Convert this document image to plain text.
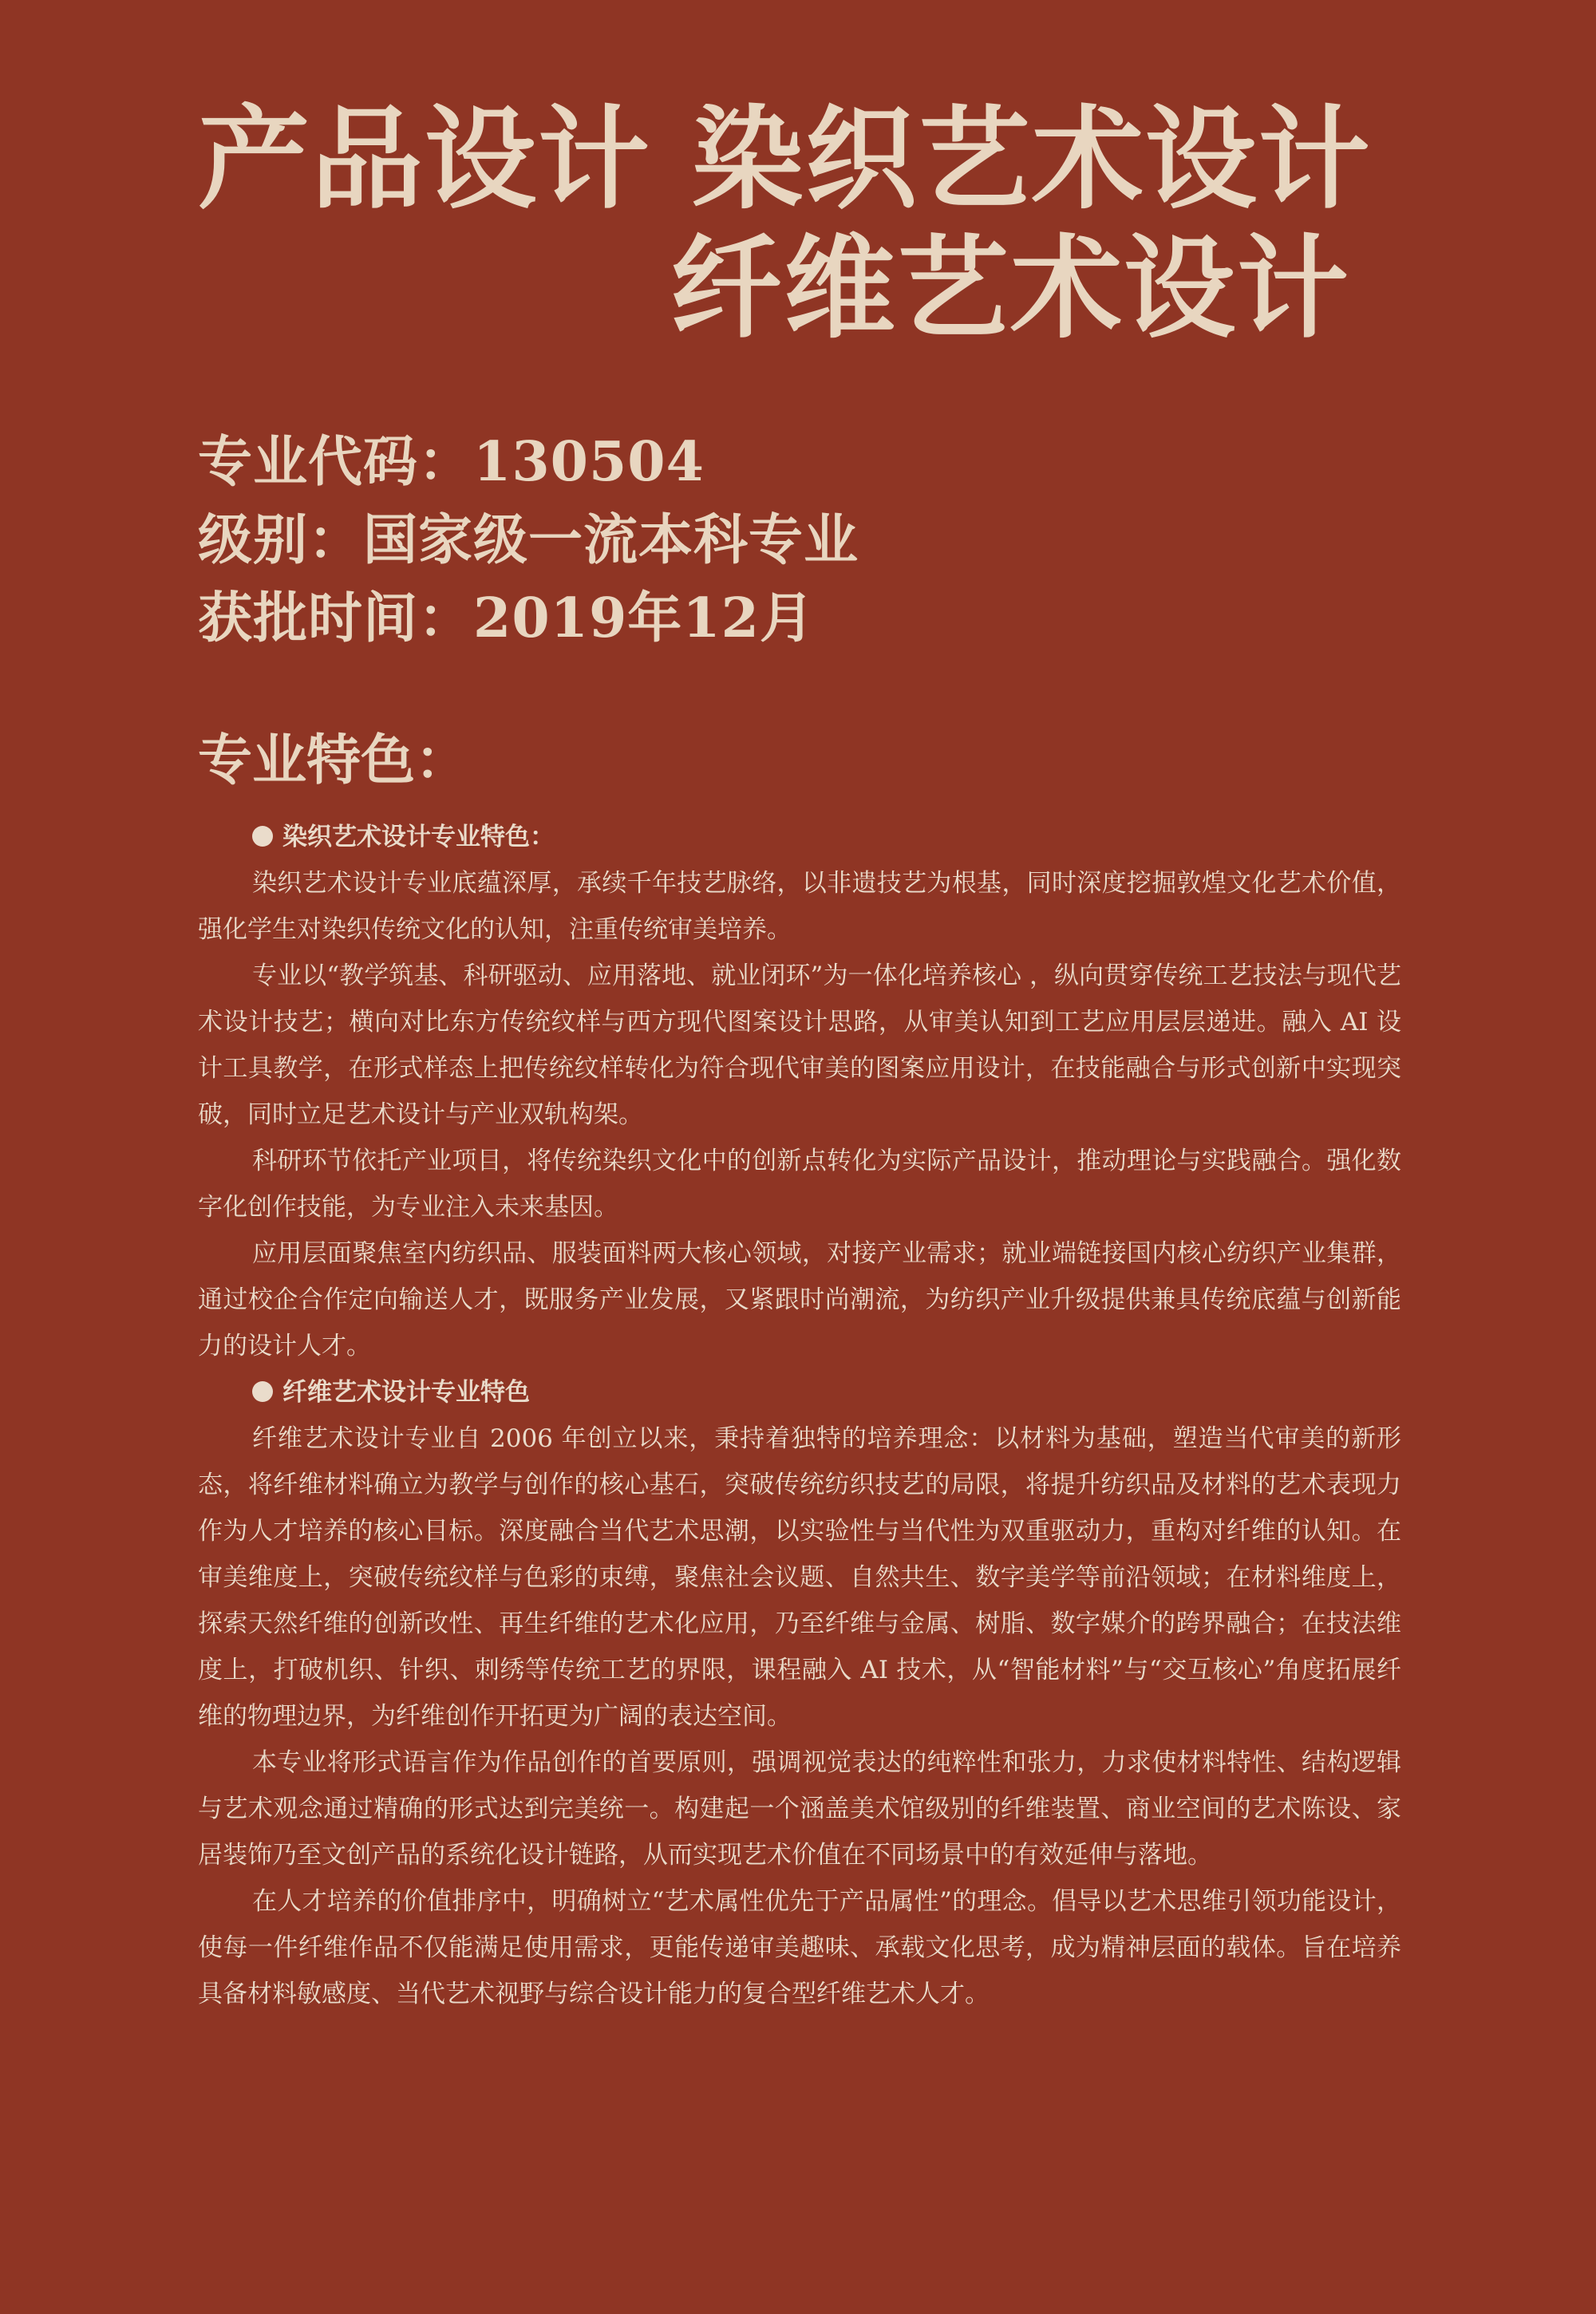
产品设计 染织艺术设计
纤维艺术设计
专业代码：130504
级别：国家级一流本科专业
获批时间：2019年12月
专业特色：
染织艺术设计专业特色：

染织艺术设计专业底蕴深厚，承续千年技艺脉络，以非遗技艺为根基，同时深度挖掘敦煌文化艺术价值，强化学生对染织传统文化的认知，注重传统审美培养。

专业以“教学筑基、科研驱动、应用落地、就业闭环”为一体化培养核心 ，纵向贯穿传统工艺技法与现代艺术设计技艺；横向对比东方传统纹样与西方现代图案设计思路，从审美认知到工艺应用层层递进。融入 AI 设计工具教学，在形式样态上把传统纹样转化为符合现代审美的图案应用设计，在技能融合与形式创新中实现突破，同时立足艺术设计与产业双轨构架。

科研环节依托产业项目，将传统染织文化中的创新点转化为实际产品设计，推动理论与实践融合。强化数字化创作技能，为专业注入未来基因。

应用层面聚焦室内纺织品、服装面料两大核心领域，对接产业需求；就业端链接国内核心纺织产业集群，通过校企合作定向输送人才，既服务产业发展，又紧跟时尚潮流，为纺织产业升级提供兼具传统底蕴与创新能力的设计人才。

纤维艺术设计专业特色

纤维艺术设计专业自 2006 年创立以来，秉持着独特的培养理念：以材料为基础，塑造当代审美的新形态，将纤维材料确立为教学与创作的核心基石，突破传统纺织技艺的局限，将提升纺织品及材料的艺术表现力作为人才培养的核心目标。深度融合当代艺术思潮，以实验性与当代性为双重驱动力，重构对纤维的认知。在审美维度上，突破传统纹样与色彩的束缚，聚焦社会议题、自然共生、数字美学等前沿领域；在材料维度上，探索天然纤维的创新改性、再生纤维的艺术化应用，乃至纤维与金属、树脂、数字媒介的跨界融合；在技法维度上，打破机织、针织、刺绣等传统工艺的界限，课程融入 AI 技术，从“智能材料”与“交互核心”角度拓展纤维的物理边界，为纤维创作开拓更为广阔的表达空间。

本专业将形式语言作为作品创作的首要原则，强调视觉表达的纯粹性和张力，力求使材料特性、结构逻辑与艺术观念通过精确的形式达到完美统一。构建起一个涵盖美术馆级别的纤维装置、商业空间的艺术陈设、家居装饰乃至文创产品的系统化设计链路，从而实现艺术价值在不同场景中的有效延伸与落地。

在人才培养的价值排序中，明确树立“艺术属性优先于产品属性”的理念。倡导以艺术思维引领功能设计，使每一件纤维作品不仅能满足使用需求，更能传递审美趣味、承载文化思考，成为精神层面的载体。旨在培养具备材料敏感度、当代艺术视野与综合设计能力的复合型纤维艺术人才。
